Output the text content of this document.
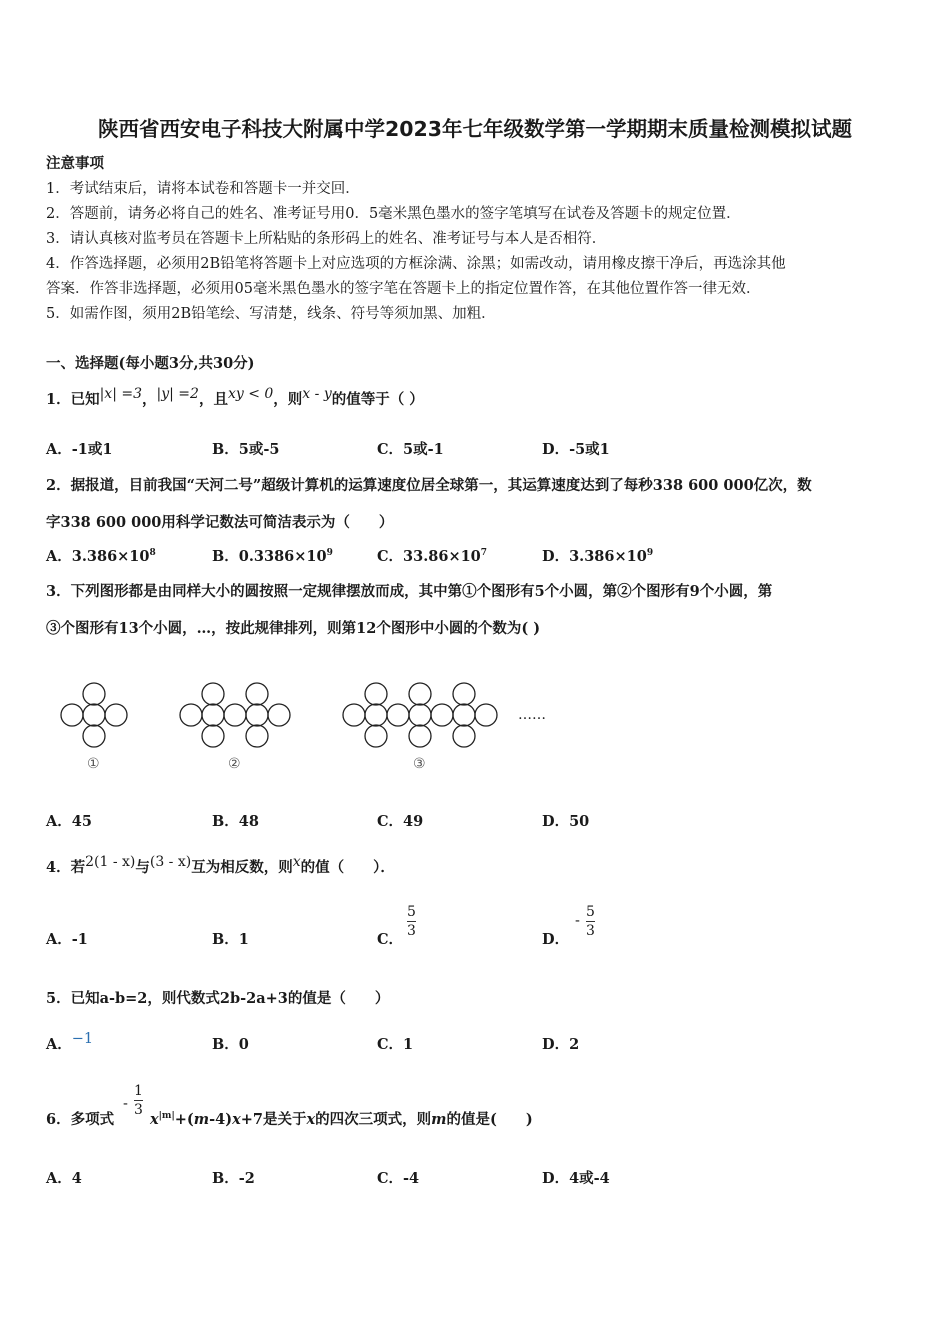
陕西省西安电子科技大附属中学2023年七年级数学第一学期期末质量检测模拟试题
注意事项
1．考试结束后，请将本试卷和答题卡一并交回．
2．答题前，请务必将自己的姓名、准考证号用0．5毫米黑色墨水的签字笔填写在试卷及答题卡的规定位置．
3．请认真核对监考员在答题卡上所粘贴的条形码上的姓名、准考证号与本人是否相符．
4．作答选择题，必须用2B铅笔将答题卡上对应选项的方框涂满、涂黑；如需改动，请用橡皮擦干净后，再选涂其他
答案．作答非选择题，必须用05毫米黑色墨水的签字笔在答题卡上的指定位置作答，在其他位置作答一律无效．
5．如需作图，须用2B铅笔绘、写清楚，线条、符号等须加黑、加粗．
一、选择题(每小题3分,共30分)
1．已知|x| =3，|y| =2，且xy < 0，则x - y的值等于（ ）
A．-1或1	B．5或-5	C．5或-1	D．-5或1
2．据报道，目前我国“天河二号”超级计算机的运算速度位居全球第一，其运算速度达到了每秒338 600 000亿次，数
字338 600 000用科学记数法可简洁表示为（　　）
A．$3.386\times 10^8$	B．$0.3386\times 10^9$	C．$33.86\times 10^7$	D．$3.386\times 10^9$
3．下列图形都是由同样大小的圆按照一定规律摆放而成，其中第①个图形有5个小圆，第②个图形有9个小圆，第
③个图形有13个小圆，…，按此规律排列，则第12个图形中小圆的个数为( )
……
①	②	③
A．45	B．48	C．49	D．50
4．若2(1 - x)与(3 - x)互为相反数，则x的值（　　）．
A．-1	B．1	C．
5
3	D．
-
5
3
5．已知a-b=2，则代数式2b-2a+3的值是（　　）
A．−1	B．0	C．1	D．2
6．多项式
-
1
3
$x^{|m|}+(m-4)x+7$是关于x的四次三项式，则m的值是(　　)
A．4	B．-2	C．-4	D．4或-4
